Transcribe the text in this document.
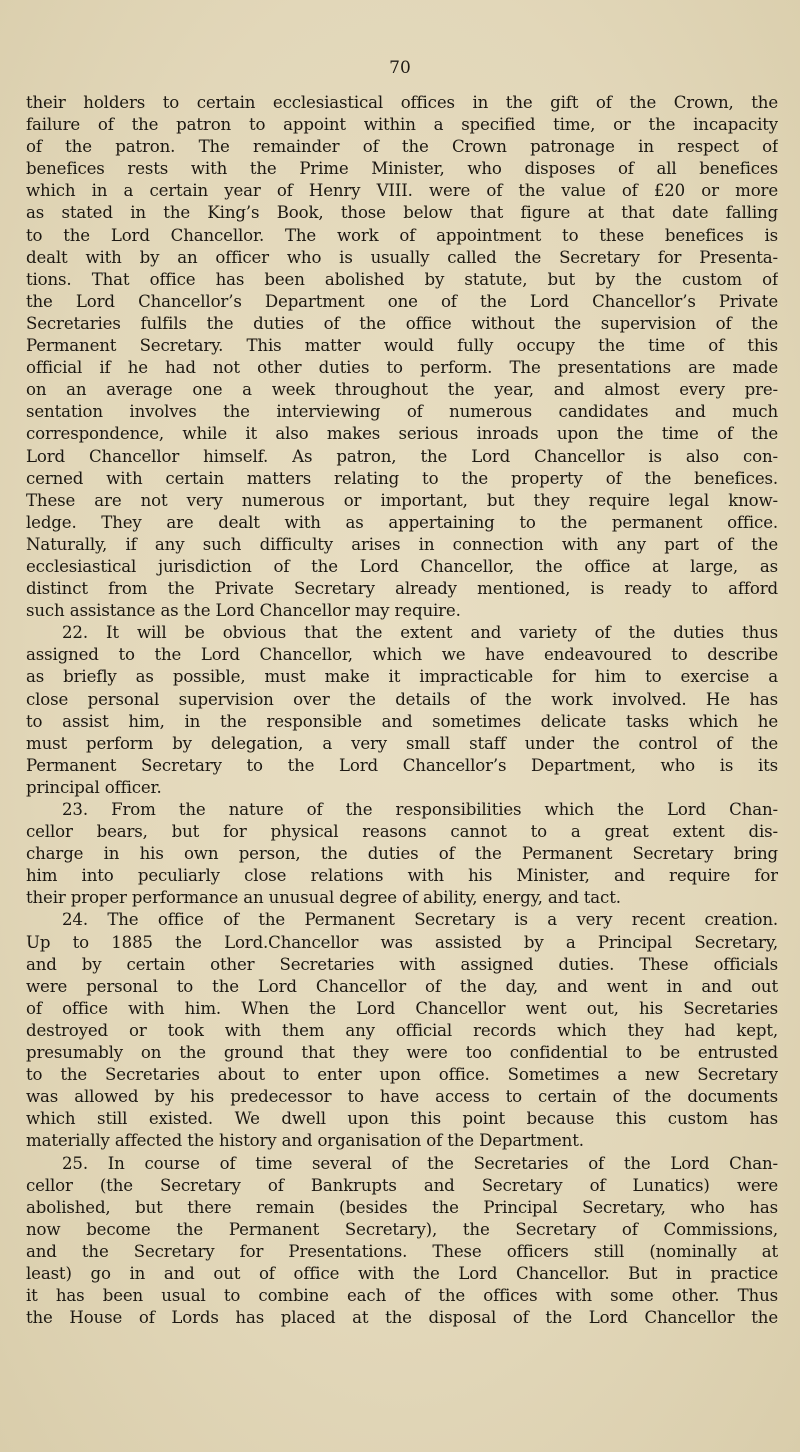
70
their holders to certain ecclesiastical offices in the gift of the Crown, the
failure of the patron to appoint within a specified time, or the incapacity
of the patron. The remainder of the Crown patronage in respect of
benefices rests with the Prime Minister, who disposes of all benefices
which in a certain year of Henry VIII. were of the value of £20 or more
as stated in the King’s Book, those below that figure at that date falling
to the Lord Chancellor. The work of appointment to these benefices is
dealt with by an officer who is usually called the Secretary for Presenta-
tions. That office has been abolished by statute, but by the custom of
the Lord Chancellor’s Department one of the Lord Chancellor’s Private
Secretaries fulfils the duties of the office without the supervision of the
Permanent Secretary. This matter would fully occupy the time of this
official if he had not other duties to perform. The presentations are made
on an average one a week throughout the year, and almost every pre-
sentation involves the interviewing of numerous candidates and much
correspondence, while it also makes serious inroads upon the time of the
Lord Chancellor himself. As patron, the Lord Chancellor is also con-
cerned with certain matters relating to the property of the benefices.
These are not very numerous or important, but they require legal know-
ledge. They are dealt with as appertaining to the permanent office.
Naturally, if any such difficulty arises in connection with any part of the
ecclesiastical jurisdiction of the Lord Chancellor, the office at large, as
distinct from the Private Secretary already mentioned, is ready to afford
such assistance as the Lord Chancellor may require.
22. It will be obvious that the extent and variety of the duties thus
assigned to the Lord Chancellor, which we have endeavoured to describe
as briefly as possible, must make it impracticable for him to exercise a
close personal supervision over the details of the work involved. He has
to assist him, in the responsible and sometimes delicate tasks which he
must perform by delegation, a very small staff under the control of the
Permanent Secretary to the Lord Chancellor’s Department, who is its
principal officer.
23. From the nature of the responsibilities which the Lord Chan-
cellor bears, but for physical reasons cannot to a great extent dis-
charge in his own person, the duties of the Permanent Secretary bring
him into peculiarly close relations with his Minister, and require for
their proper performance an unusual degree of ability, energy, and tact.
24. The office of the Permanent Secretary is a very recent creation.
Up to 1885 the Lord.Chancellor was assisted by a Principal Secretary,
and by certain other Secretaries with assigned duties. These officials
were personal to the Lord Chancellor of the day, and went in and out
of office with him. When the Lord Chancellor went out, his Secretaries
destroyed or took with them any official records which they had kept,
presumably on the ground that they were too confidential to be entrusted
to the Secretaries about to enter upon office. Sometimes a new Secretary
was allowed by his predecessor to have access to certain of the documents
which still existed. We dwell upon this point because this custom has
materially affected the history and organisation of the Department.
25. In course of time several of the Secretaries of the Lord Chan-
cellor (the Secretary of Bankrupts and Secretary of Lunatics) were
abolished, but there remain (besides the Principal Secretary, who has
now become the Permanent Secretary), the Secretary of Commissions,
and the Secretary for Presentations. These officers still (nominally at
least) go in and out of office with the Lord Chancellor. But in practice
it has been usual to combine each of the offices with some other. Thus
the House of Lords has placed at the disposal of the Lord Chancellor the
